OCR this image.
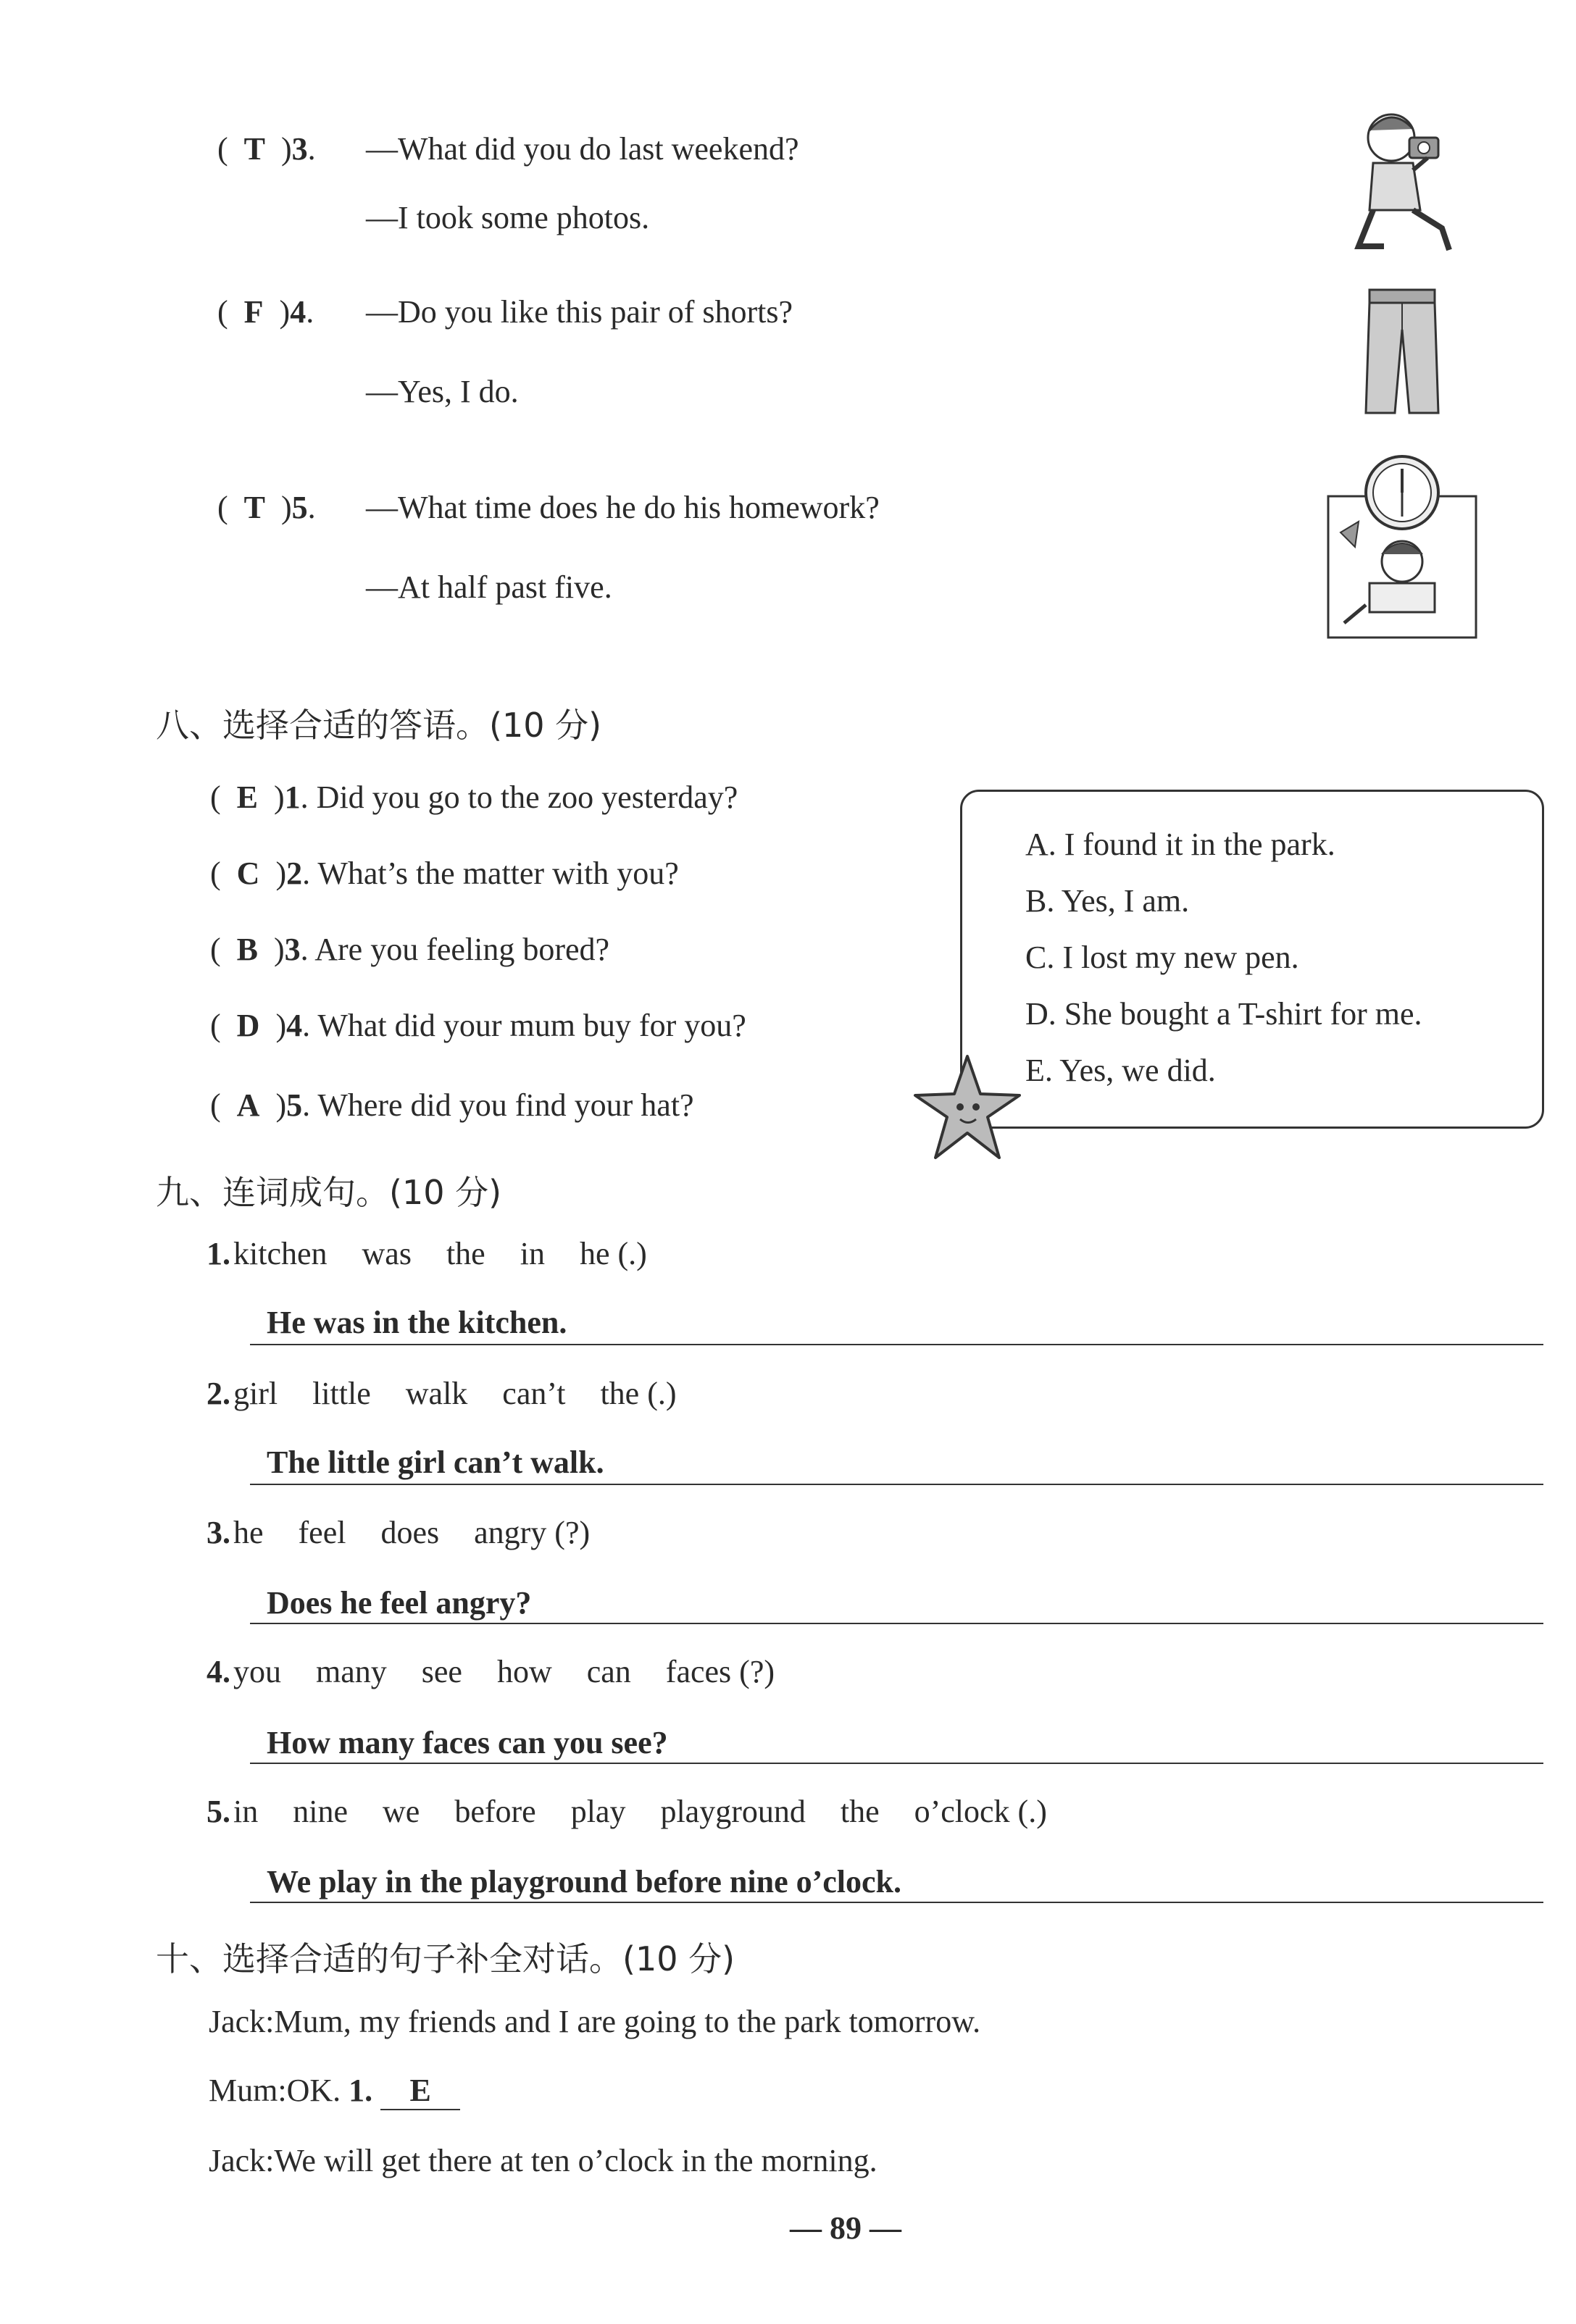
(  T  )3. —What did you do last weekend?
—I took some photos.
(  F  )4. —Do you like this pair of shorts?
—Yes, I do.
(  T  )5. —What time does he do his homework?
—At half past five.
八、选择合适的答语。(10 分)
(  E  )1. Did you go to the zoo yesterday?
(  C  )2. What’s the matter with you?
(  B  )3. Are you feeling bored?
(  D  )4. What did your mum buy for you?
(  A  )5. Where did you find your hat?
A. I found it in the park.
B. Yes, I am.
C. I lost my new pen.
D. She bought a T-shirt for me.
E. Yes, we did.
九、连词成句。(10 分)
1.kitchen was the in he (.)
He was in the kitchen.
2.girl little walk can’t the (.)
The little girl can’t walk.
3.he feel does angry (?)
Does he feel angry?
4.you many see how can faces (?)
How many faces can you see?
5.in nine we before play playground the o’clock (.)
We play in the playground before nine o’clock.
十、选择合适的句子补全对话。(10 分)
Jack:Mum, my friends and I are going to the park tomorrow.
Mum:OK. 1. E
Jack:We will get there at ten o’clock in the morning.
— 89 —
